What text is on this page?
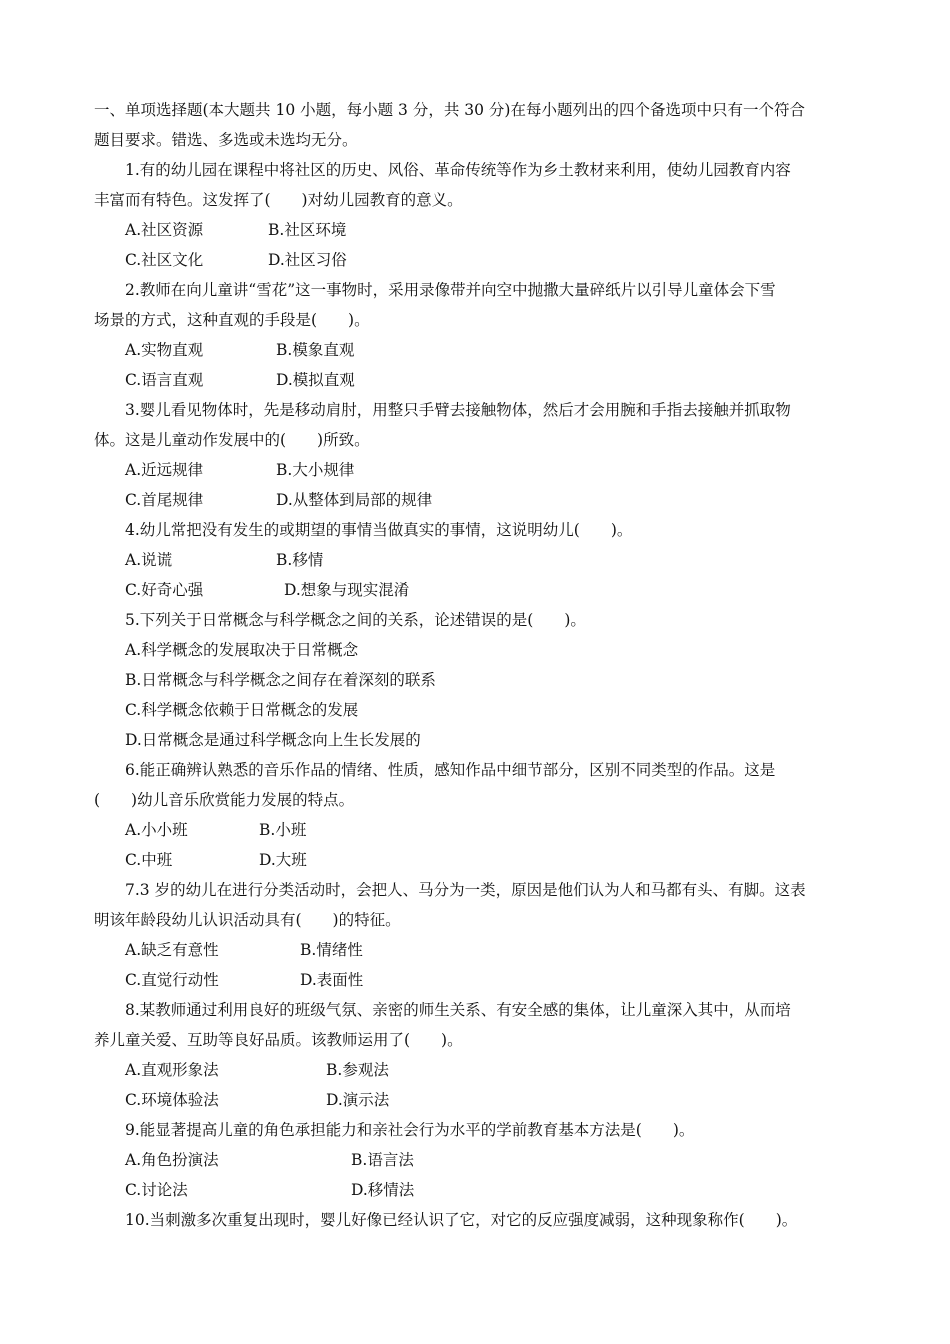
一、单项选择题(本大题共 10 小题，每小题 3 分，共 30 分)在每小题列出的四个备选项中只有一个符合
题目要求。错选、多选或未选均无分。
1.有的幼儿园在课程中将社区的历史、风俗、革命传统等作为乡土教材来利用，使幼儿园教育内容
丰富而有特色。这发挥了(　　)对幼儿园教育的意义。
A.社区资源	B.社区环境
C.社区文化	D.社区习俗
2.教师在向儿童讲“雪花”这一事物时，采用录像带并向空中抛撒大量碎纸片以引导儿童体会下雪
场景的方式，这种直观的手段是(　　)。
A.实物直观	B.模象直观
C.语言直观	D.模拟直观
3.婴儿看见物体时，先是移动肩肘，用整只手臂去接触物体，然后才会用腕和手指去接触并抓取物
体。这是儿童动作发展中的(　　)所致。
A.近远规律	B.大小规律
C.首尾规律	D.从整体到局部的规律
4.幼儿常把没有发生的或期望的事情当做真实的事情，这说明幼儿(　　)。
A.说谎	B.移情
C.好奇心强	D.想象与现实混淆
5.下列关于日常概念与科学概念之间的关系，论述错误的是(　　)。
A.科学概念的发展取决于日常概念
B.日常概念与科学概念之间存在着深刻的联系
C.科学概念依赖于日常概念的发展
D.日常概念是通过科学概念向上生长发展的
6.能正确辨认熟悉的音乐作品的情绪、性质，感知作品中细节部分，区别不同类型的作品。这是
(　　)幼儿音乐欣赏能力发展的特点。
A.小小班	B.小班
C.中班	D.大班
7.3 岁的幼儿在进行分类活动时，会把人、马分为一类，原因是他们认为人和马都有头、有脚。这表
明该年龄段幼儿认识活动具有(　　)的特征。
A.缺乏有意性	B.情绪性
C.直觉行动性	D.表面性
8.某教师通过利用良好的班级气氛、亲密的师生关系、有安全感的集体，让儿童深入其中，从而培
养儿童关爱、互助等良好品质。该教师运用了(　　)。
A.直观形象法	B.参观法
C.环境体验法	D.演示法
9.能显著提高儿童的角色承担能力和亲社会行为水平的学前教育基本方法是(　　)。
A.角色扮演法	B.语言法
C.讨论法	D.移情法
10.当刺激多次重复出现时，婴儿好像已经认识了它，对它的反应强度减弱，这种现象称作(　　)。
